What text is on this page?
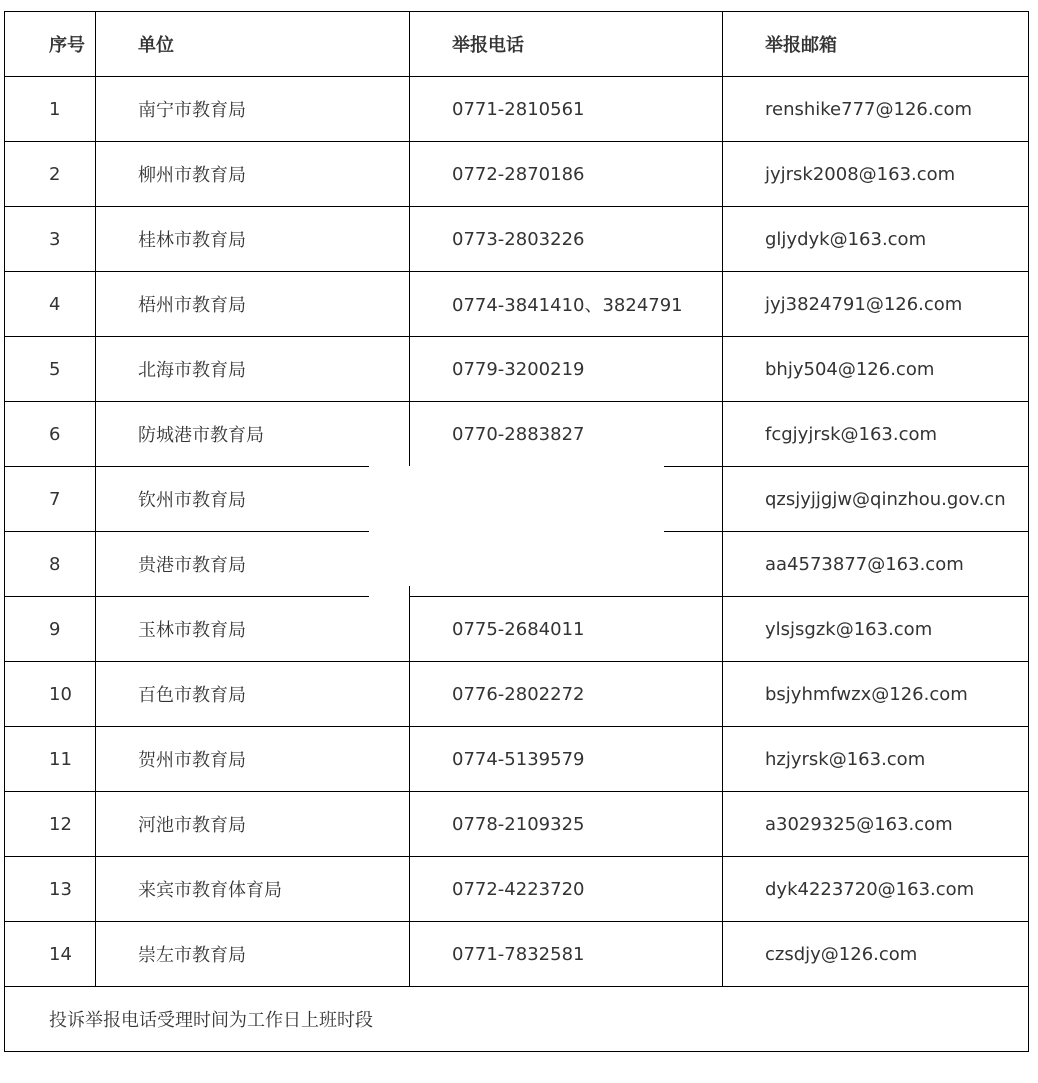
序号	单位	举报电话	举报邮箱
1	南宁市教育局	0771-2810561	renshike777@126.com
2	柳州市教育局	0772-2870186	jyjrsk2008@163.com
3	桂林市教育局	0773-2803226	gljydyk@163.com
4	梧州市教育局	0774-3841410、3824791	jyj3824791@126.com
5	北海市教育局	0779-3200219	bhjy504@126.com
6	防城港市教育局	0770-2883827	fcgjyjrsk@163.com
7	钦州市教育局		qzsjyjjgjw@qinzhou.gov.cn
8	贵港市教育局		aa4573877@163.com
9	玉林市教育局	0775-2684011	ylsjsgzk@163.com
10	百色市教育局	0776-2802272	bsjyhmfwzx@126.com
11	贺州市教育局	0774-5139579	hzjyrsk@163.com
12	河池市教育局	0778-2109325	a3029325@163.com
13	来宾市教育体育局	0772-4223720	dyk4223720@163.com
14	崇左市教育局	0771-7832581	czsdjy@126.com
投诉举报电话受理时间为工作日上班时段			
